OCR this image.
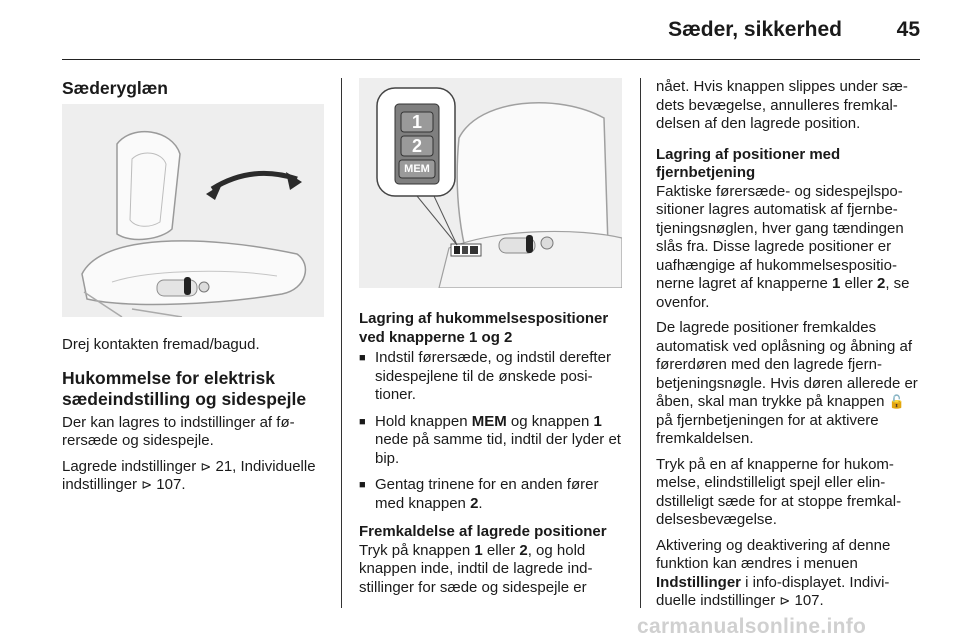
Sæder, sikkerhed	45
Sæderyglæn

Drej kontakten fremad/bagud.

Hukommelse for elektrisk
sædeindstilling og sidespejle

Der kan lagres to indstillinger af førersæde og sidespejle.

Lagrede indstillinger ⊳ 21, Individuelle indstillinger ⊳ 107.

1
2
MEM
Lagring af hukommelsespositioner ved knapperne 1 og 2
■ Indstil førersæde, og indstil derefter sidespejlene til de ønskede positioner.
■ Hold knappen MEM og knappen 1 nede på samme tid, indtil der lyder et bip.
■ Gentag trinene for en anden fører med knappen 2.
Fremkaldelse af lagrede positioner

Tryk på knappen 1 eller 2, og hold knappen inde, indtil de lagrede indstillinger for sæde og sidespejle er

nået. Hvis knappen slippes under sædets bevægelse, annulleres fremkaldelsen af den lagrede position.

Lagring af positioner med fjernbetjening

Faktiske førersæde- og sidespejlspositioner lagres automatisk af fjernbetjeningsnøglen, hver gang tændingen slås fra. Disse lagrede positioner er uafhængige af hukommelsespositionerne lagret af knapperne 1 eller 2, se ovenfor.

De lagrede positioner fremkaldes automatisk ved oplåsning og åbning af førerdøren med den lagrede fjernbetjeningsnøgle. Hvis døren allerede er åben, skal man trykke på knappen 🔓 på fjernbetjeningen for at aktivere fremkaldelsen.

Tryk på en af knapperne for hukommelse, elindstilleligt spejl eller elindstilleligt sæde for at stoppe fremkaldelsesbevægelse.

Aktivering og deaktivering af denne funktion kan ændres i menuen Indstillinger i info-displayet. Individuelle indstillinger ⊳ 107.

carmanualsonline.info
